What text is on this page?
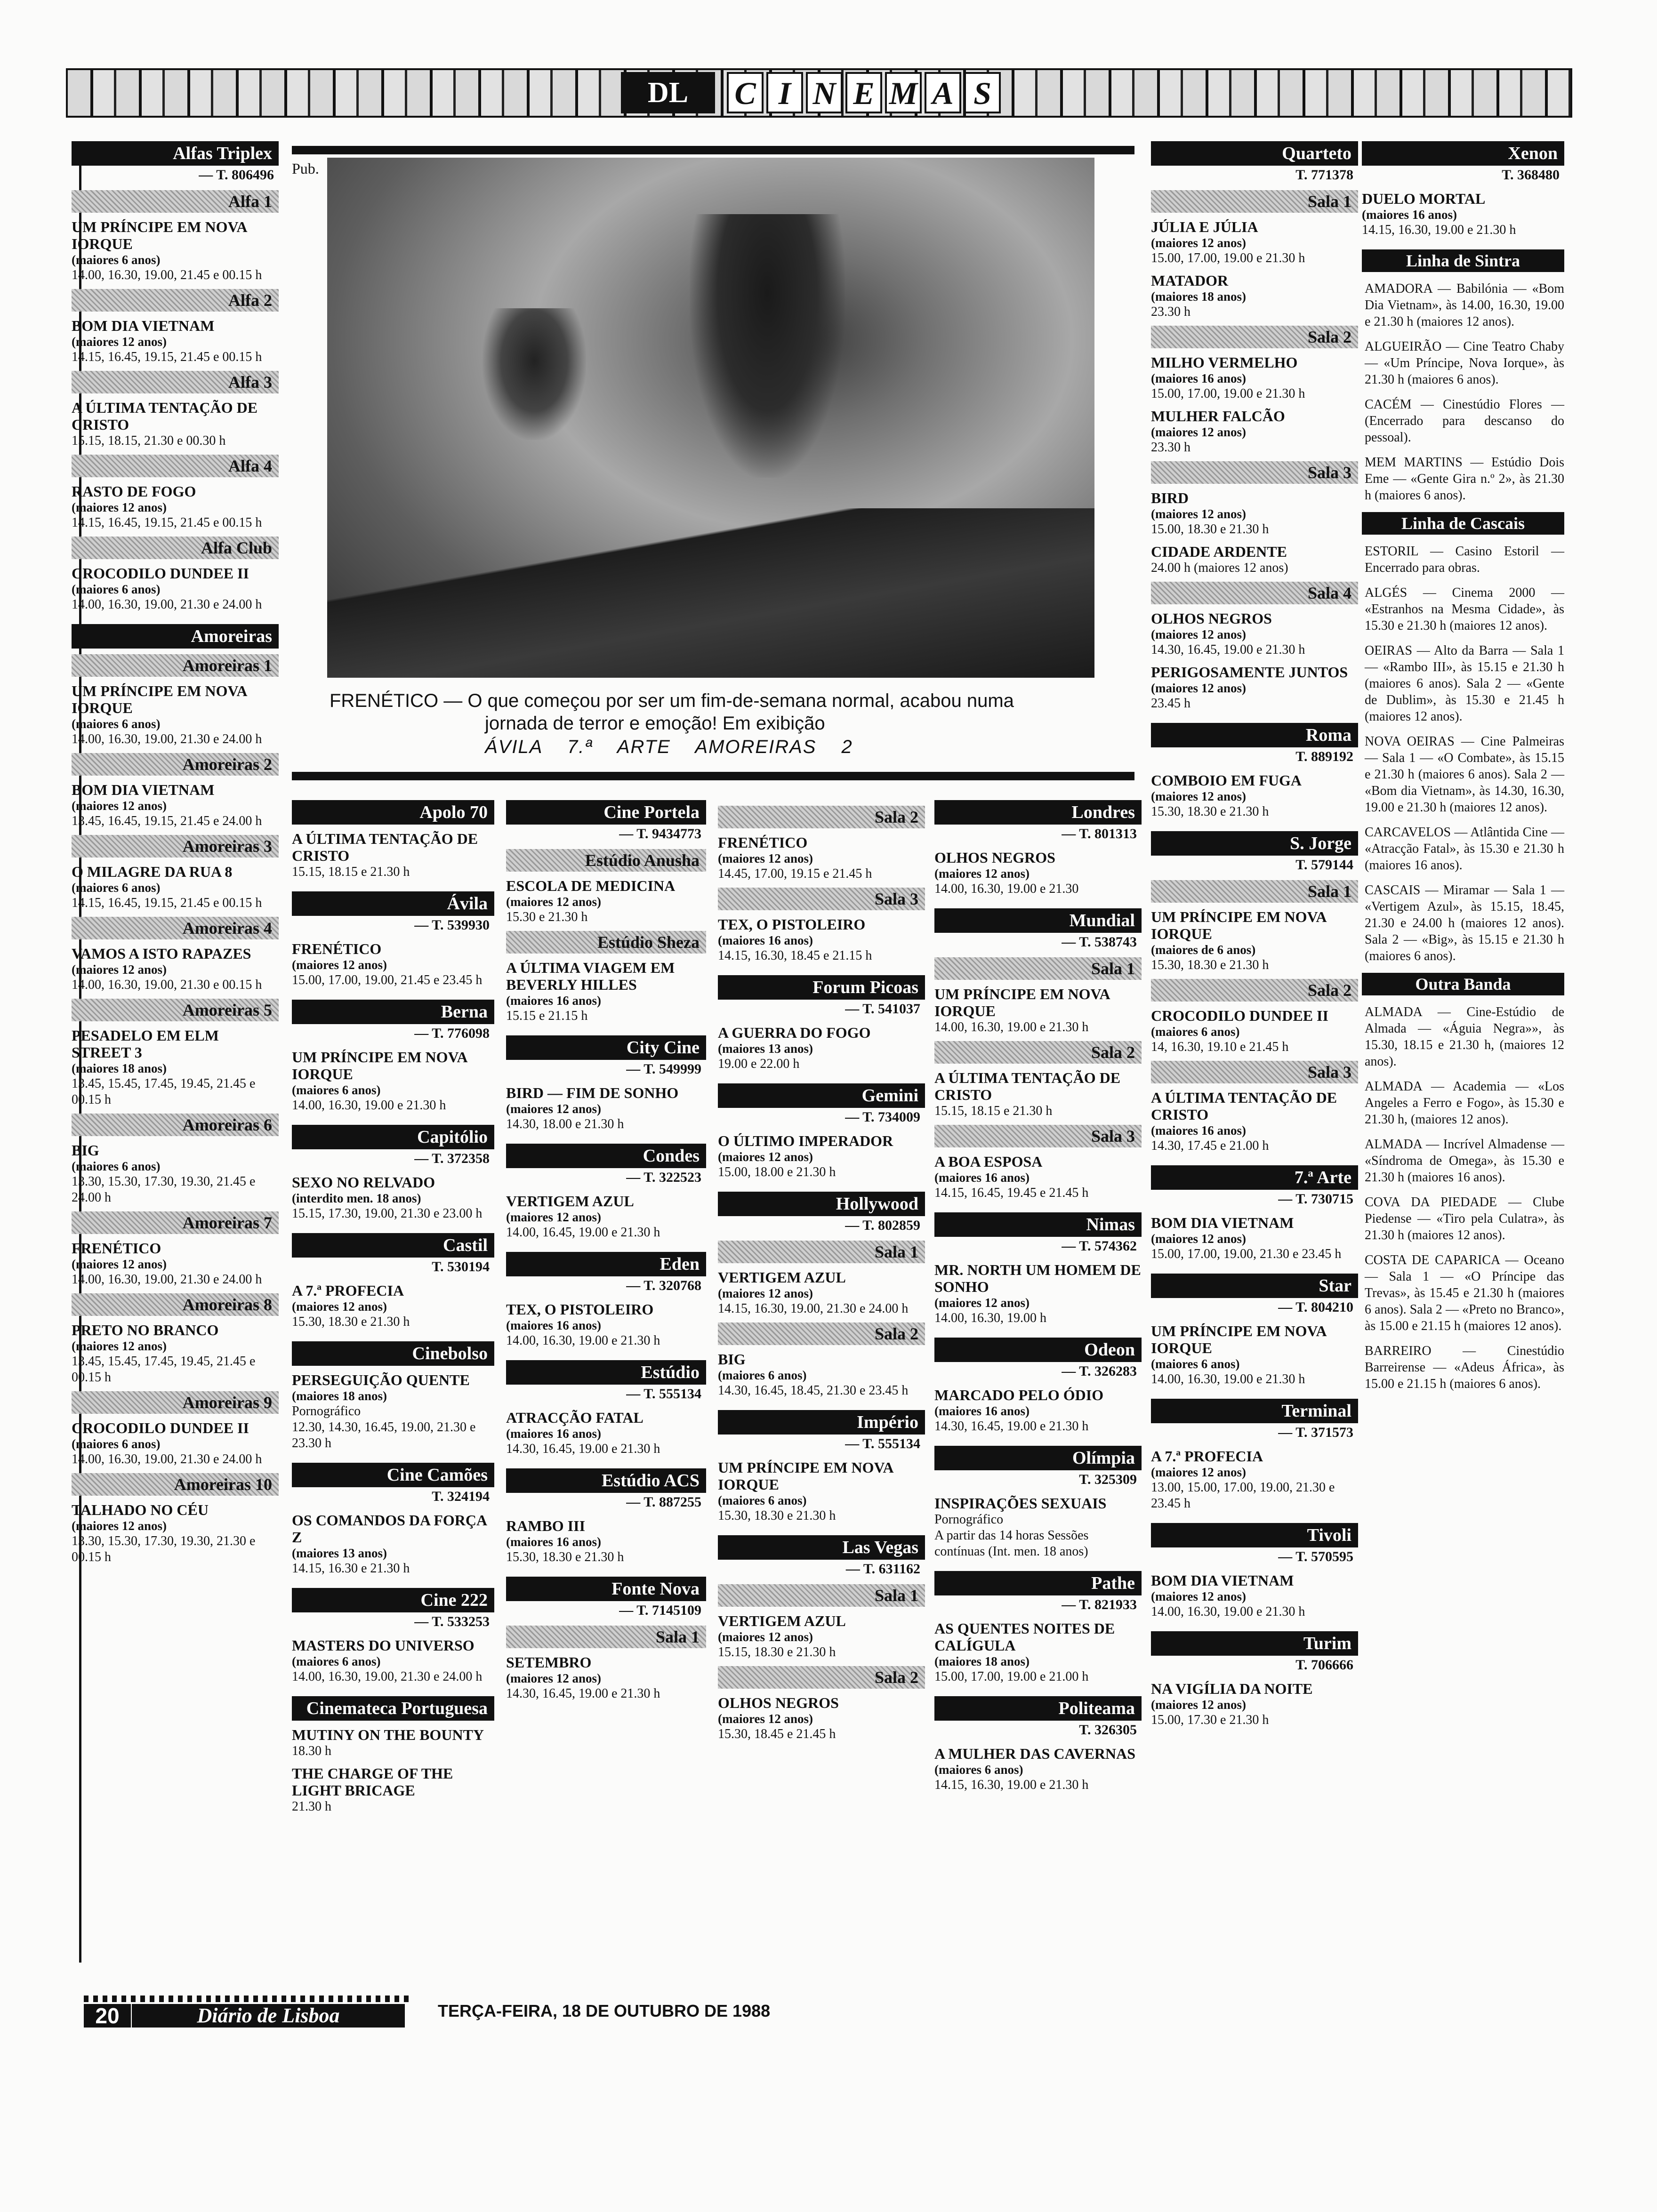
DL	C I N E M A S
Pub.
FRENÉTICO — O que começou por ser um fim-de-semana normal, acabou numa
jornada de terror e emoção! Em exibição
ÁVILA 7.ª ARTE AMOREIRAS 2
Alfas Triplex
— T. 806496
Alfa 1
UM PRÍNCIPE EM NOVA IORQUE
(maiores 6 anos)
14.00, 16.30, 19.00, 21.45 e 00.15 h
Alfa 2
BOM DIA VIETNAM
(maiores 12 anos)
14.15, 16.45, 19.15, 21.45 e 00.15 h
Alfa 3
A ÚLTIMA TENTAÇÃO DE CRISTO
15.15, 18.15, 21.30 e 00.30 h
Alfa 4
RASTO DE FOGO
(maiores 12 anos)
14.15, 16.45, 19.15, 21.45 e 00.15 h
Alfa Club
CROCODILO DUNDEE II
(maiores 6 anos)
14.00, 16.30, 19.00, 21.30 e 24.00 h
Amoreiras
Amoreiras 1
UM PRÍNCIPE EM NOVA IORQUE
(maiores 6 anos)
14.00, 16.30, 19.00, 21.30 e 24.00 h
Amoreiras 2
BOM DIA VIETNAM
(maiores 12 anos)
13.45, 16.45, 19.15, 21.45 e 24.00 h
Amoreiras 3
O MILAGRE DA RUA 8
(maiores 6 anos)
14.15, 16.45, 19.15, 21.45 e 00.15 h
Amoreiras 4
VAMOS A ISTO RAPAZES
(maiores 12 anos)
14.00, 16.30, 19.00, 21.30 e 00.15 h
Amoreiras 5
PESADELO EM ELM STREET 3
(maiores 18 anos)
13.45, 15.45, 17.45, 19.45, 21.45 e 00.15 h
Amoreiras 6
BIG
(maiores 6 anos)
13.30, 15.30, 17.30, 19.30, 21.45 e 24.00 h
Amoreiras 7
FRENÉTICO
(maiores 12 anos)
14.00, 16.30, 19.00, 21.30 e 24.00 h
Amoreiras 8
PRETO NO BRANCO
(maiores 12 anos)
13.45, 15.45, 17.45, 19.45, 21.45 e 00.15 h
Amoreiras 9
CROCODILO DUNDEE II
(maiores 6 anos)
14.00, 16.30, 19.00, 21.30 e 24.00 h
Amoreiras 10
TALHADO NO CÉU
(maiores 12 anos)
13.30, 15.30, 17.30, 19.30, 21.30 e 00.15 h
Apolo 70
A ÚLTIMA TENTAÇÃO DE CRISTO
15.15, 18.15 e 21.30 h
Ávila
— T. 539930
FRENÉTICO
(maiores 12 anos)
15.00, 17.00, 19.00, 21.45 e 23.45 h
Berna
— T. 776098
UM PRÍNCIPE EM NOVA IORQUE
(maiores 6 anos)
14.00, 16.30, 19.00 e 21.30 h
Capitólio
— T. 372358
SEXO NO RELVADO
(interdito men. 18 anos)
15.15, 17.30, 19.00, 21.30 e 23.00 h
Castil
T. 530194
A 7.ª PROFECIA
(maiores 12 anos)
15.30, 18.30 e 21.30 h
Cinebolso
PERSEGUIÇÃO QUENTE
(maiores 18 anos)
Pornográfico
12.30, 14.30, 16.45, 19.00, 21.30 e 23.30 h
Cine Camões
T. 324194
OS COMANDOS DA FORÇA Z
(maiores 13 anos)
14.15, 16.30 e 21.30 h
Cine 222
— T. 533253
MASTERS DO UNIVERSO
(maiores 6 anos)
14.00, 16.30, 19.00, 21.30 e 24.00 h
Cinemateca Portuguesa
MUTINY ON THE BOUNTY
18.30 h
THE CHARGE OF THE LIGHT BRICAGE
21.30 h
Cine Portela
— T. 9434773
Estúdio Anusha
ESCOLA DE MEDICINA
(maiores 12 anos)
15.30 e 21.30 h
Estúdio Sheza
A ÚLTIMA VIAGEM EM BEVERLY HILLES
(maiores 16 anos)
15.15 e 21.15 h
City Cine
— T. 549999
BIRD — FIM DE SONHO
(maiores 12 anos)
14.30, 18.00 e 21.30 h
Condes
— T. 322523
VERTIGEM AZUL
(maiores 12 anos)
14.00, 16.45, 19.00 e 21.30 h
Eden
— T. 320768
TEX, O PISTOLEIRO
(maiores 16 anos)
14.00, 16.30, 19.00 e 21.30 h
Estúdio
— T. 555134
ATRACÇÃO FATAL
(maiores 16 anos)
14.30, 16.45, 19.00 e 21.30 h
Estúdio ACS
— T. 887255
RAMBO III
(maiores 16 anos)
15.30, 18.30 e 21.30 h
Fonte Nova
— T. 7145109
Sala 1
SETEMBRO
(maiores 12 anos)
14.30, 16.45, 19.00 e 21.30 h
Sala 2
FRENÉTICO
(maiores 12 anos)
14.45, 17.00, 19.15 e 21.45 h
Sala 3
TEX, O PISTOLEIRO
(maiores 16 anos)
14.15, 16.30, 18.45 e 21.15 h
Forum Picoas
— T. 541037
A GUERRA DO FOGO
(maiores 13 anos)
19.00 e 22.00 h
Gemini
— T. 734009
O ÚLTIMO IMPERADOR
(maiores 12 anos)
15.00, 18.00 e 21.30 h
Hollywood
— T. 802859
Sala 1
VERTIGEM AZUL
(maiores 12 anos)
14.15, 16.30, 19.00, 21.30 e 24.00 h
Sala 2
BIG
(maiores 6 anos)
14.30, 16.45, 18.45, 21.30 e 23.45 h
Império
— T. 555134
UM PRÍNCIPE EM NOVA IORQUE
(maiores 6 anos)
15.30, 18.30 e 21.30 h
Las Vegas
— T. 631162
Sala 1
VERTIGEM AZUL
(maiores 12 anos)
15.15, 18.30 e 21.30 h
Sala 2
OLHOS NEGROS
(maiores 12 anos)
15.30, 18.45 e 21.45 h
Londres
— T. 801313
OLHOS NEGROS
(maiores 12 anos)
14.00, 16.30, 19.00 e 21.30
Mundial
— T. 538743
Sala 1
UM PRÍNCIPE EM NOVA IORQUE
14.00, 16.30, 19.00 e 21.30 h
Sala 2
A ÚLTIMA TENTAÇÃO DE CRISTO
15.15, 18.15 e 21.30 h
Sala 3
A BOA ESPOSA
(maiores 16 anos)
14.15, 16.45, 19.45 e 21.45 h
Nimas
— T. 574362
MR. NORTH UM HOMEM DE SONHO
(maiores 12 anos)
14.00, 16.30, 19.00 h
Odeon
— T. 326283
MARCADO PELO ÓDIO
(maiores 16 anos)
14.30, 16.45, 19.00 e 21.30 h
Olímpia
T. 325309
INSPIRAÇÕES SEXUAIS
Pornográfico
A partir das 14 horas Sessões contínuas (Int. men. 18 anos)
Pathe
— T. 821933
AS QUENTES NOITES DE CALÍGULA
(maiores 18 anos)
15.00, 17.00, 19.00 e 21.00 h
Politeama
T. 326305
A MULHER DAS CAVERNAS
(maiores 6 anos)
14.15, 16.30, 19.00 e 21.30 h
Quarteto
T. 771378
Sala 1
JÚLIA E JÚLIA
(maiores 12 anos)
15.00, 17.00, 19.00 e 21.30 h
MATADOR
(maiores 18 anos)
23.30 h
Sala 2
MILHO VERMELHO
(maiores 16 anos)
15.00, 17.00, 19.00 e 21.30 h
MULHER FALCÃO
(maiores 12 anos)
23.30 h
Sala 3
BIRD
(maiores 12 anos)
15.00, 18.30 e 21.30 h
CIDADE ARDENTE
24.00 h (maiores 12 anos)
Sala 4
OLHOS NEGROS
(maiores 12 anos)
14.30, 16.45, 19.00 e 21.30 h
PERIGOSAMENTE JUNTOS
(maiores 12 anos)
23.45 h
Roma
T. 889192
COMBOIO EM FUGA
(maiores 12 anos)
15.30, 18.30 e 21.30 h
S. Jorge
T. 579144
Sala 1
UM PRÍNCIPE EM NOVA IORQUE
(maiores de 6 anos)
15.30, 18.30 e 21.30 h
Sala 2
CROCODILO DUNDEE II
(maiores 6 anos)
14, 16.30, 19.10 e 21.45 h
Sala 3
A ÚLTIMA TENTAÇÃO DE CRISTO
(maiores 16 anos)
14.30, 17.45 e 21.00 h
7.ª Arte
— T. 730715
BOM DIA VIETNAM
(maiores 12 anos)
15.00, 17.00, 19.00, 21.30 e 23.45 h
Star
— T. 804210
UM PRÍNCIPE EM NOVA IORQUE
(maiores 6 anos)
14.00, 16.30, 19.00 e 21.30 h
Terminal
— T. 371573
A 7.ª PROFECIA
(maiores 12 anos)
13.00, 15.00, 17.00, 19.00, 21.30 e 23.45 h
Tivoli
— T. 570595
BOM DIA VIETNAM
(maiores 12 anos)
14.00, 16.30, 19.00 e 21.30 h
Turim
T. 706666
NA VIGÍLIA DA NOITE
(maiores 12 anos)
15.00, 17.30 e 21.30 h
Xenon
T. 368480
DUELO MORTAL
(maiores 16 anos)
14.15, 16.30, 19.00 e 21.30 h
Linha de Sintra
AMADORA — Babilónia — «Bom Dia Vietnam», às 14.00, 16.30, 19.00 e 21.30 h (maiores 12 anos).
ALGUEIRÃO — Cine Teatro Chaby — «Um Príncipe, Nova Iorque», às 21.30 h (maiores 6 anos).
CACÉM — Cinestúdio Flores — (Encerrado para descanso do pessoal).
MEM MARTINS — Estúdio Dois Eme — «Gente Gira n.º 2», às 21.30 h (maiores 6 anos).
Linha de Cascais
ESTORIL — Casino Estoril — Encerrado para obras.
ALGÉS — Cinema 2000 — «Estranhos na Mesma Cidade», às 15.30 e 21.30 h (maiores 12 anos).
OEIRAS — Alto da Barra — Sala 1 — «Rambo III», às 15.15 e 21.30 h (maiores 6 anos). Sala 2 — «Gente de Dublim», às 15.30 e 21.45 h (maiores 12 anos).
NOVA OEIRAS — Cine Palmeiras — Sala 1 — «O Combate», às 15.15 e 21.30 h (maiores 6 anos). Sala 2 — «Bom dia Vietnam», às 14.30, 16.30, 19.00 e 21.30 h (maiores 12 anos).
CARCAVELOS — Atlântida Cine — «Atracção Fatal», às 15.30 e 21.30 h (maiores 16 anos).
CASCAIS — Miramar — Sala 1 — «Vertigem Azul», às 15.15, 18.45, 21.30 e 24.00 h (maiores 12 anos). Sala 2 — «Big», às 15.15 e 21.30 h (maiores 6 anos).
Outra Banda
ALMADA — Cine-Estúdio de Almada — «Águia Negra»», às 15.30, 18.15 e 21.30 h, (maiores 12 anos).
ALMADA — Academia — «Los Angeles a Ferro e Fogo», às 15.30 e 21.30 h, (maiores 12 anos).
ALMADA — Incrível Almadense — «Síndroma de Omega», às 15.30 e 21.30 h (maiores 16 anos).
COVA DA PIEDADE — Clube Piedense — «Tiro pela Culatra», às 21.30 h (maiores 12 anos).
COSTA DE CAPARICA — Oceano — Sala 1 — «O Príncipe das Trevas», às 15.45 e 21.30 h (maiores 6 anos). Sala 2 — «Preto no Branco», às 15.00 e 21.15 h (maiores 12 anos).
BARREIRO — Cinestúdio Barreirense — «Adeus África», às 15.00 e 21.15 h (maiores 6 anos).
20	Diário de Lisboa	TERÇA-FEIRA, 18 DE OUTUBRO DE 1988
